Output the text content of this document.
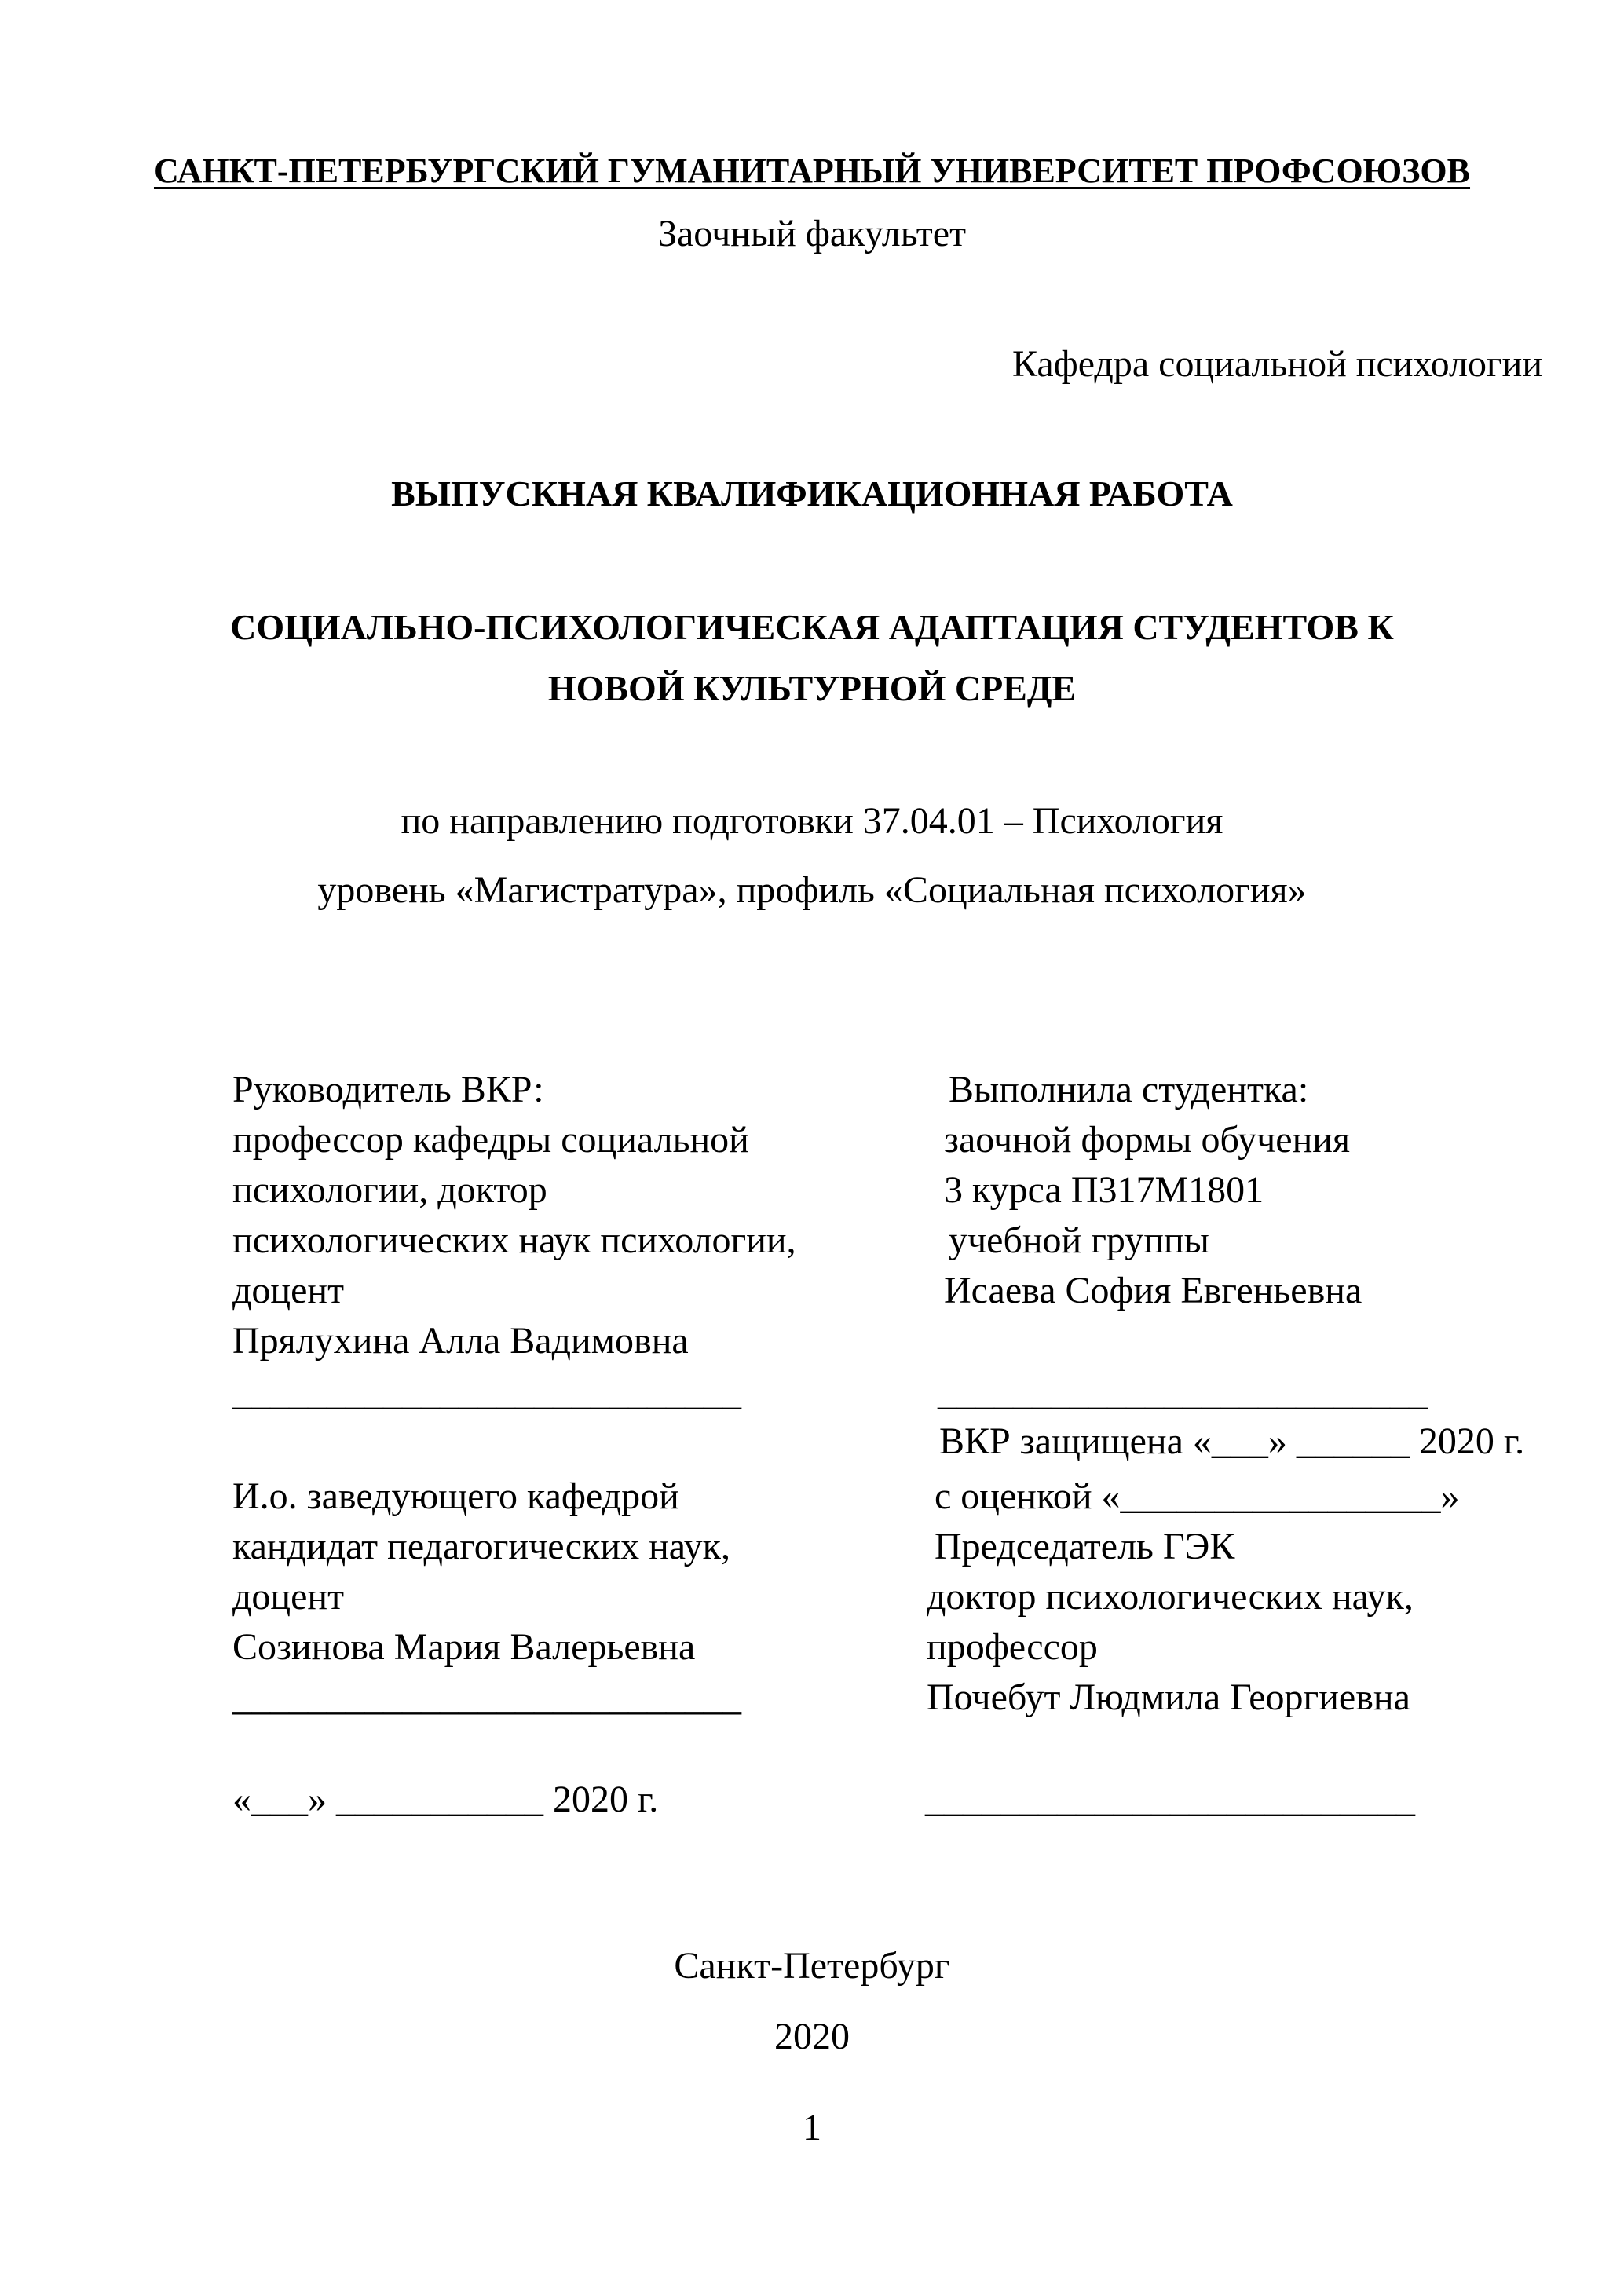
САНКТ-ПЕТЕРБУРГСКИЙ ГУМАНИТАРНЫЙ УНИВЕРСИТЕТ ПРОФСОЮЗОВ
Заочный факультет
Кафедра социальной психологии
ВЫПУСКНАЯ КВАЛИФИКАЦИОННАЯ РАБОТА
СОЦИАЛЬНО-ПСИХОЛОГИЧЕСКАЯ АДАПТАЦИЯ СТУДЕНТОВ К
НОВОЙ КУЛЬТУРНОЙ СРЕДЕ
по направлению подготовки 37.04.01 – Психология
уровень «Магистратура», профиль «Социальная психология»
Руководитель ВКР:
профессор кафедры социальной
психологии, доктор
психологических наук психологии,
доцент
Прялухина Алла Вадимовна
___________________________
И.о. заведующего кафедрой
кандидат педагогических наук,
доцент
Созинова Мария Валерьевна
___________________________
«___» ___________ 2020 г.
Выполнила студентка:
заочной формы обучения
3 курса П317М1801
учебной группы
Исаева София Евгеньевна
__________________________
ВКР защищена «___» ______ 2020 г.
с оценкой «_________________»
Председатель ГЭК
доктор психологических наук,
профессор
Почебут Людмила Георгиевна
__________________________
Санкт-Петербург
2020
1
